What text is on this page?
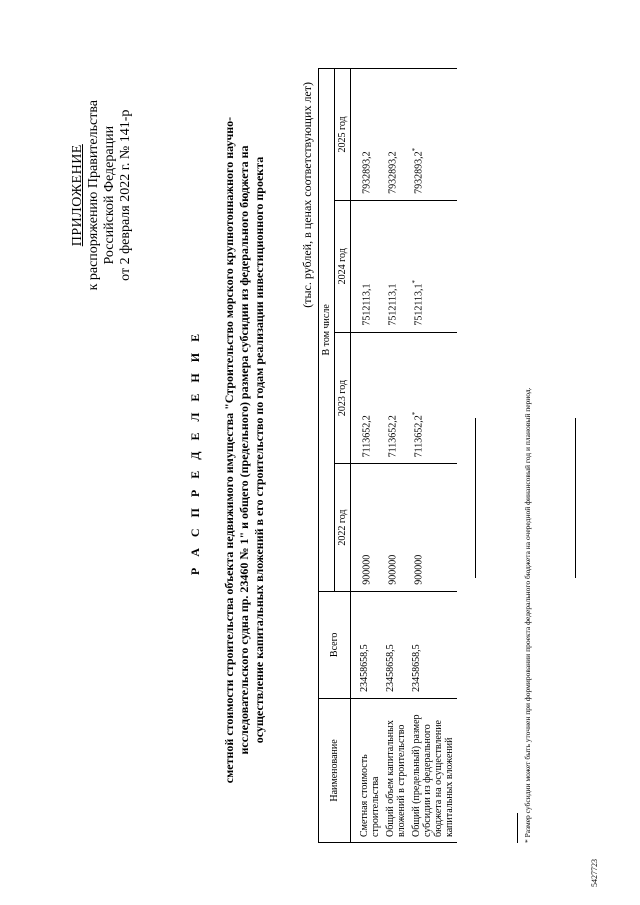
ПРИЛОЖЕНИЕ к распоряжению Правительства Российской Федерации от 2 февраля 2022 г. № 141-р
Р А С П Р Е Д Е Л Е Н И Е сметной стоимости строительства объекта недвижимого имущества "Строительство морского крупнотоннажного научно- исследовательского судна пр. 23460 № 1" и общего (предельного) размера субсидии из федерального бюджета на осуществление капитальных вложений в его строительство по годам реализации инвестиционного проекта	(тыс. рублей, в ценах соответствующих лет)
Наименование	Всего	В том числе			
		2022 год	2023 год	2024 год	2025 год
Сметная стоимость строительства	23458658,5	900000	7113652,2	7512113,1	7932893,2
Общий объем капитальных вложений в строительство	23458658,5	900000	7113652,2	7512113,1	7932893,2
Общий (предельный) размер субсидии из федерального бюджета на осуществление капитальных вложений	23458658,5	900000	7113652,2*	7512113,1*	7932893,2*
* Размер субсидии может быть уточнен при формировании проекта федерального бюджета на очередной финансовый год и плановый период.
5427723
